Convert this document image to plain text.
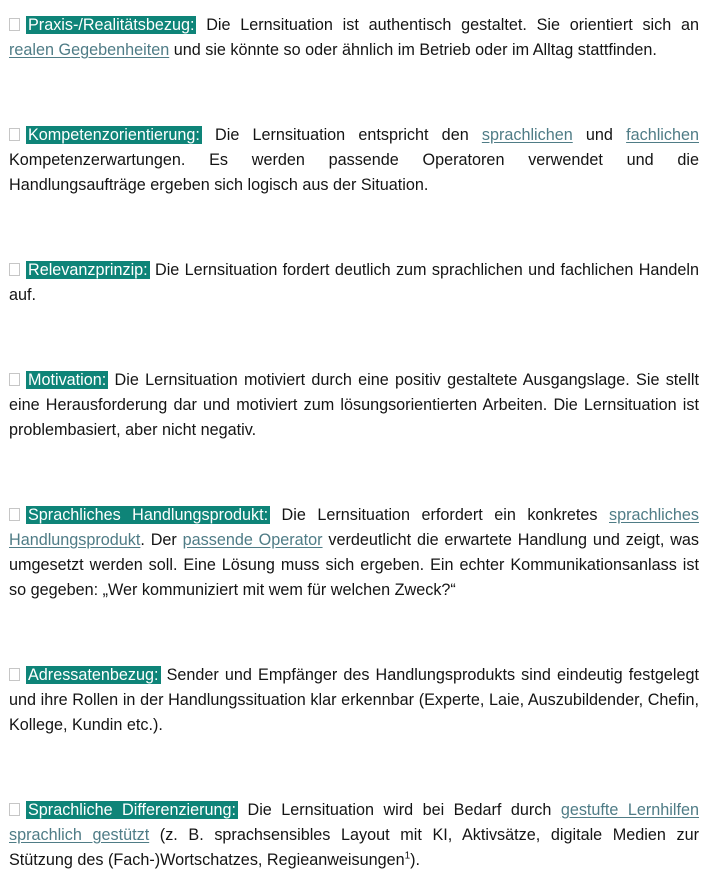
Praxis-/Realitätsbezug: Die Lernsituation ist authentisch gestaltet. Sie orientiert sich an realen Gegebenheiten und sie könnte so oder ähnlich im Betrieb oder im Alltag stattfinden.

Kompetenzorientierung: Die Lernsituation entspricht den sprachlichen und fachlichen Kompetenzerwartungen. Es werden passende Operatoren verwendet und die Handlungsaufträge ergeben sich logisch aus der Situation.

Relevanzprinzip: Die Lernsituation fordert deutlich zum sprachlichen und fachlichen Handeln auf.

Motivation: Die Lernsituation motiviert durch eine positiv gestaltete Ausgangslage. Sie stellt eine Herausforderung dar und motiviert zum lösungsorientierten Arbeiten. Die Lernsituation ist problembasiert, aber nicht negativ.

Sprachliches Handlungsprodukt: Die Lernsituation erfordert ein konkretes sprachliches Handlungsprodukt. Der passende Operator verdeutlicht die erwartete Handlung und zeigt, was umgesetzt werden soll. Eine Lösung muss sich ergeben. Ein echter Kommunikationsanlass ist so gegeben: „Wer kommuniziert mit wem für welchen Zweck?“

Adressatenbezug: Sender und Empfänger des Handlungsprodukts sind eindeutig festgelegt und ihre Rollen in der Handlungssituation klar erkennbar (Experte, Laie, Auszubildender, Chefin, Kollege, Kundin etc.).

Sprachliche Differenzierung: Die Lernsituation wird bei Bedarf durch gestufte Lernhilfen sprachlich gestützt (z. B. sprachsensibles Layout mit KI, Aktivsätze, digitale Medien zur Stützung des (Fach-)Wortschatzes, Regieanweisungen$^1$).
